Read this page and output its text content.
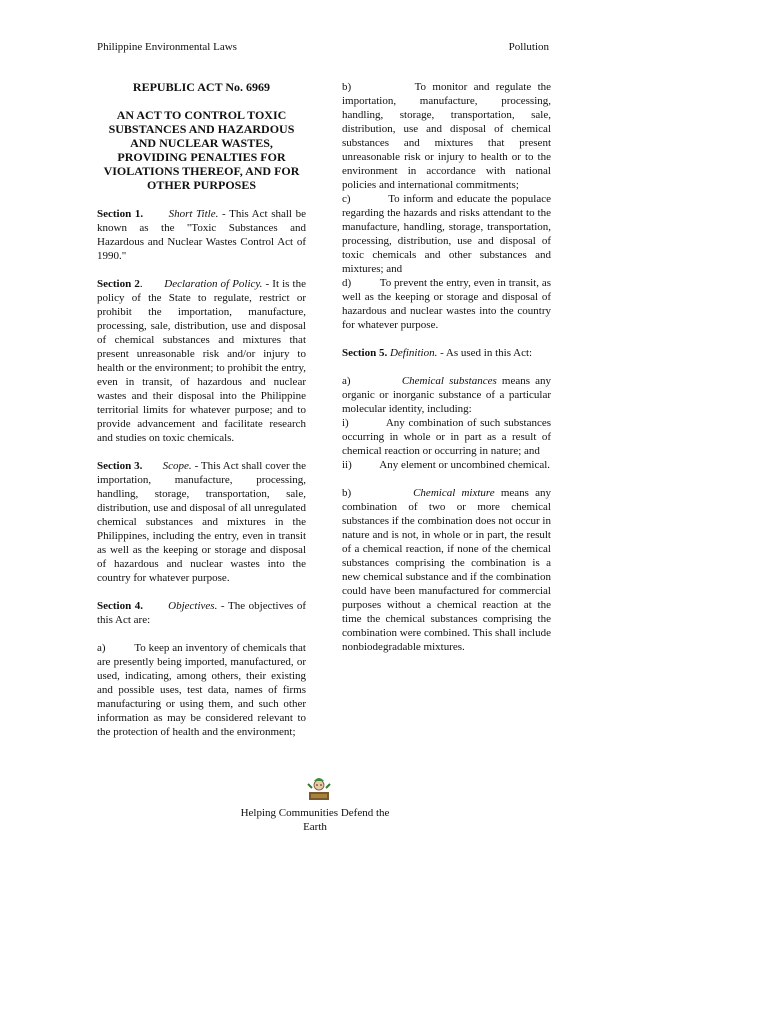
Philippine Environmental Laws	Pollution
REPUBLIC ACT No. 6969
AN ACT TO CONTROL TOXIC SUBSTANCES AND HAZARDOUS AND NUCLEAR WASTES, PROVIDING PENALTIES FOR VIOLATIONS THEREOF, AND FOR OTHER PURPOSES

Section 1. Short Title. - This Act shall be known as the "Toxic Substances and Hazardous and Nuclear Wastes Control Act of 1990."

Section 2.       Declaration of Policy. - It is the policy of the State to regulate, restrict or prohibit the importation, manufacture, processing, sale, distribution, use and disposal of chemical substances and mixtures that present unreasonable risk and/or injury to health or the environment; to prohibit the entry, even in transit, of hazardous and nuclear wastes and their disposal into the Philippine territorial limits for whatever purpose; and to provide advancement and facilitate research and studies on toxic chemicals.

Section 3. Scope. - This Act shall cover the importation, manufacture, processing, handling, storage, transportation, sale, distribution, use and disposal of all unregulated chemical substances and mixtures in the Philippines, including the entry, even in transit as well as the keeping or storage and disposal of hazardous and nuclear wastes into the country for whatever purpose.

Section 4. Objectives. - The objectives of this Act are:

a)	To keep an inventory of chemicals that are presently being imported, manufactured, or used, indicating, among others, their existing and possible uses, test data, names of firms manufacturing or using them, and such other information as may be considered relevant to the protection of health and the environment;

b)	To monitor and regulate the importation, manufacture, processing, handling, storage, transportation, sale, distribution, use and disposal of chemical substances and mixtures that present unreasonable risk or injury to health or to the environment in accordance with national policies and international commitments;

c)	To inform and educate the populace regarding the hazards and risks attendant to the manufacture, handling, storage, transportation, processing, distribution, use and disposal of toxic chemicals and other substances and mixtures; and

d)	To prevent the entry, even in transit, as well as the keeping or storage and disposal of hazardous and nuclear wastes into the country for whatever purpose.

Section 5. Definition. - As used in this Act:

a)	Chemical substances means any organic or inorganic substance of a particular molecular identity, including:

i)	Any combination of such substances occurring in whole or in part as a result of chemical reaction or occurring in nature; and

ii)	Any element or uncombined chemical.

b)	Chemical mixture means any combination of two or more chemical substances if the combination does not occur in nature and is not, in whole or in part, the result of a chemical reaction, if none of the chemical substances comprising the combination is a new chemical substance and if the combination could have been manufactured for commercial purposes without a chemical reaction at the time the chemical substances comprising the combination were combined. This shall include nonbiodegradable mixtures.

Helping Communities Defend the Earth
